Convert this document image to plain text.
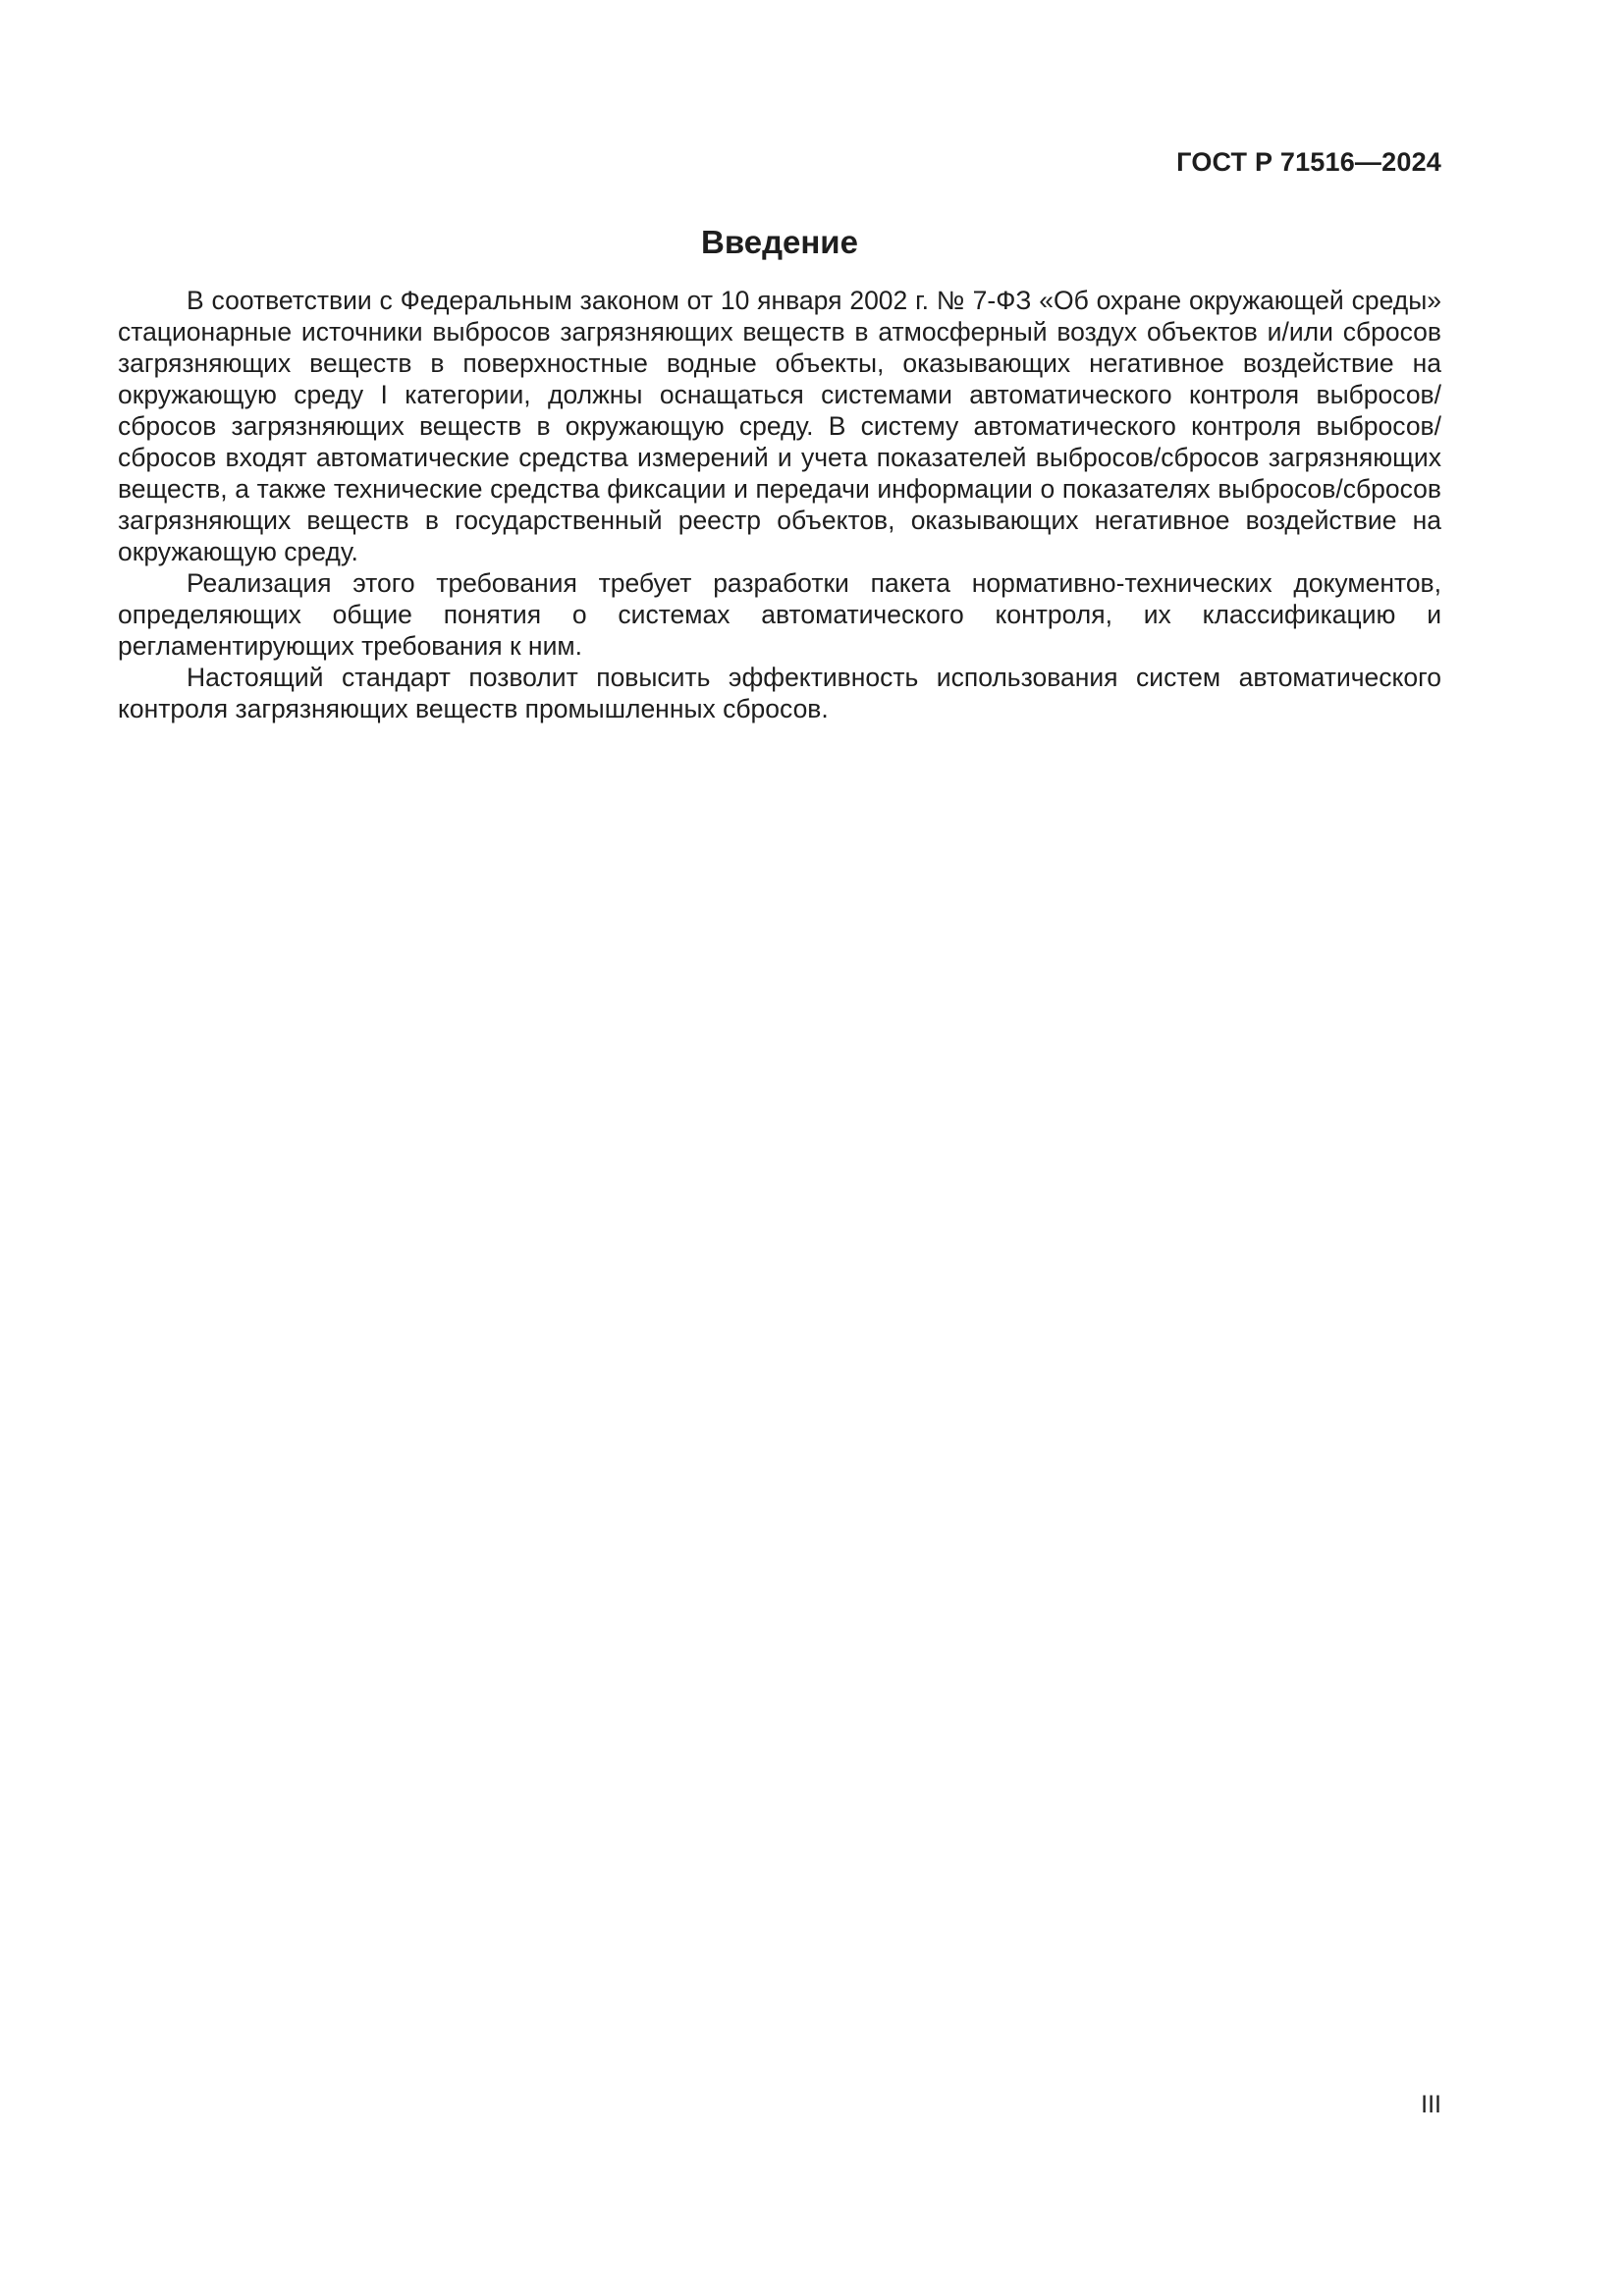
ГОСТ Р 71516—2024
Введение

В соответствии с Федеральным законом от 10 января 2002 г. № 7-ФЗ «Об охране окружающей среды» стационарные источники выбросов загрязняющих веществ в атмосферный воздух объектов и/или сбросов загрязняющих веществ в поверхностные водные объекты, оказывающих негативное воздействие на окружающую среду I категории, должны оснащаться системами автоматического контроля выбросов/сбросов загрязняющих веществ в окружающую среду. В систему автоматического контроля выбросов/сбросов входят автоматические средства измерений и учета показателей выбросов/сбросов загрязняющих веществ, а также технические средства фиксации и передачи информации о показателях выбросов/сбросов загрязняющих веществ в государственный реестр объектов, оказывающих негативное воздействие на окружающую среду.

Реализация этого требования требует разработки пакета нормативно-технических документов, определяющих общие понятия о системах автоматического контроля, их классификацию и регламентирующих требования к ним.

Настоящий стандарт позволит повысить эффективность использования систем автоматического контроля загрязняющих веществ промышленных сбросов.

III
